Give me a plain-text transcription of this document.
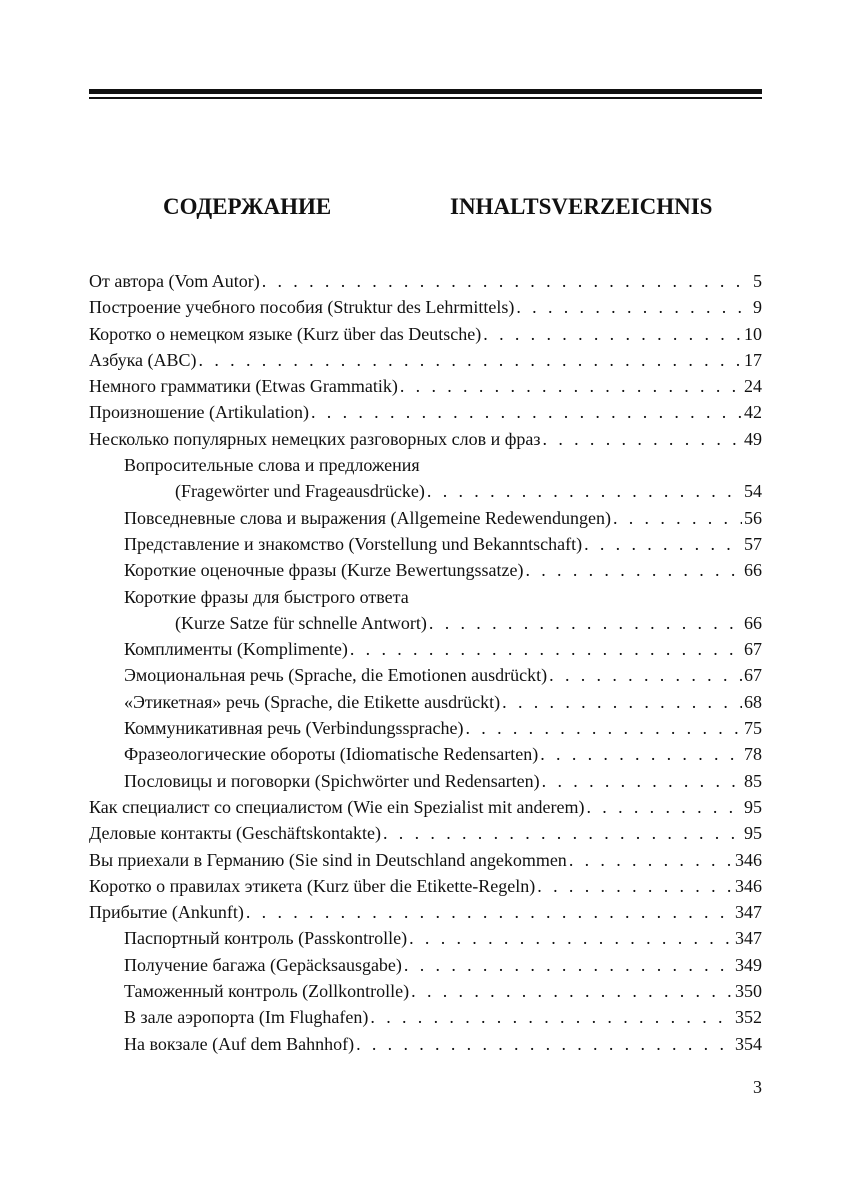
СОДЕРЖАНИЕ	INHALTSVERZEICHNIS
От автора (Vom Autor) . . .	5
Построение учебного пособия (Struktur des Lehrmittels) . . .	9
Коротко о немецком языке (Kurz über das Deutsche) . . .	10
Азбука (ABC) . . .	17
Немного грамматики (Etwas Grammatik) . . .	24
Произношение (Artikulation) . . .	42
Несколько популярных немецких разговорных слов и фраз . . .	49
Вопросительные слова и предложения
(Fragewörter und Frageausdrücke) . . .	54
Повседневные слова и выражения (Allgemeine Redewendungen) . . .	56
Представление и знакомство (Vorstellung und Bekanntschaft) . . .	57
Короткие оценочные фразы (Kurze Bewertungssatze) . . .	66
Короткие фразы для быстрого ответа
(Kurze Satze für schnelle Antwort) . . .	66
Комплименты (Komplimente) . . .	67
Эмоциональная речь (Sprache, die Emotionen ausdrückt) . . .	67
«Этикетная» речь (Sprache, die Etikette ausdrückt) . . .	68
Коммуникативная речь (Verbindungssprache) . . .	75
Фразеологические обороты (Idiomatische Redensarten) . . .	78
Пословицы и поговорки (Spichwörter und Redensarten) . . .	85
Как специалист со специалистом (Wie ein Spezialist mit anderem) . . .	95
Деловые контакты (Geschäftskontakte) . . .	95
Вы приехали в Германию (Sie sind in Deutschland angekommen . . .	346
Коротко о правилах этикета (Kurz über die Etikette-Regeln) . . .	346
Прибытие (Ankunft) . . .	347
Паспортный контроль (Passkontrolle) . . .	347
Получение багажа (Gepäcksausgabe) . . .	349
Таможенный контроль (Zollkontrolle) . . .	350
В зале аэропорта (Im Flughafen) . . .	352
На вокзале (Auf dem Bahnhof) . . .	354
3
